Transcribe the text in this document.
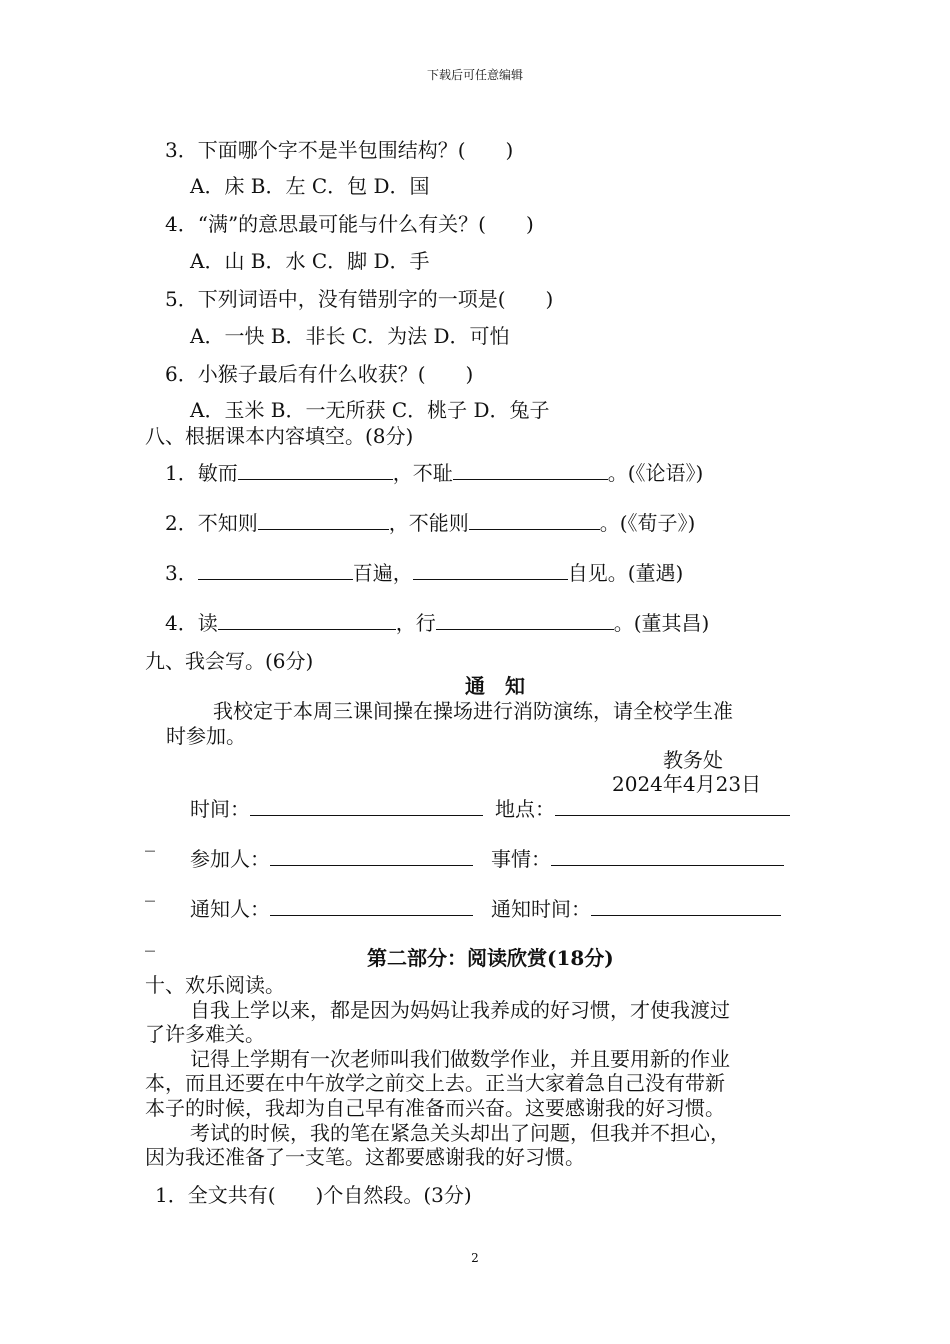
下载后可任意编辑
3．下面哪个字不是半包围结构？(　　)
A．床 B．左 C．包 D．国
4．“满”的意思最可能与什么有关？(　　)
A．山 B．水 C．脚 D．手
5．下列词语中，没有错别字的一项是(　　)
A．一快 B．非长 C．为法 D．可怕
6．小猴子最后有什么收获？(　　)
A．玉米 B．一无所获 C．桃子 D．兔子
八、根据课本内容填空。(8分)
1．敏而	，不耻	。(《论语》)
2．不知则	，不能则	。(《荀子》)
3．	百遍，	自见。(董遇)
4．读	，行	。(董其昌)
九、我会写。(6分)
通　知
我校定于本周三课间操在操场进行消防演练，请全校学生准
时参加。
教务处
2024年4月23日
时间：	地点：
_
参加人：	事情：
_
通知人：	通知时间：
_
第二部分：阅读欣赏(18分)
十、欢乐阅读。
自我上学以来，都是因为妈妈让我养成的好习惯，才使我渡过
了许多难关。
记得上学期有一次老师叫我们做数学作业，并且要用新的作业
本，而且还要在中午放学之前交上去。正当大家着急自己没有带新
本子的时候，我却为自己早有准备而兴奋。这要感谢我的好习惯。
考试的时候，我的笔在紧急关头却出了问题，但我并不担心，
因为我还准备了一支笔。这都要感谢我的好习惯。
1．全文共有(　　)个自然段。(3分)
2
